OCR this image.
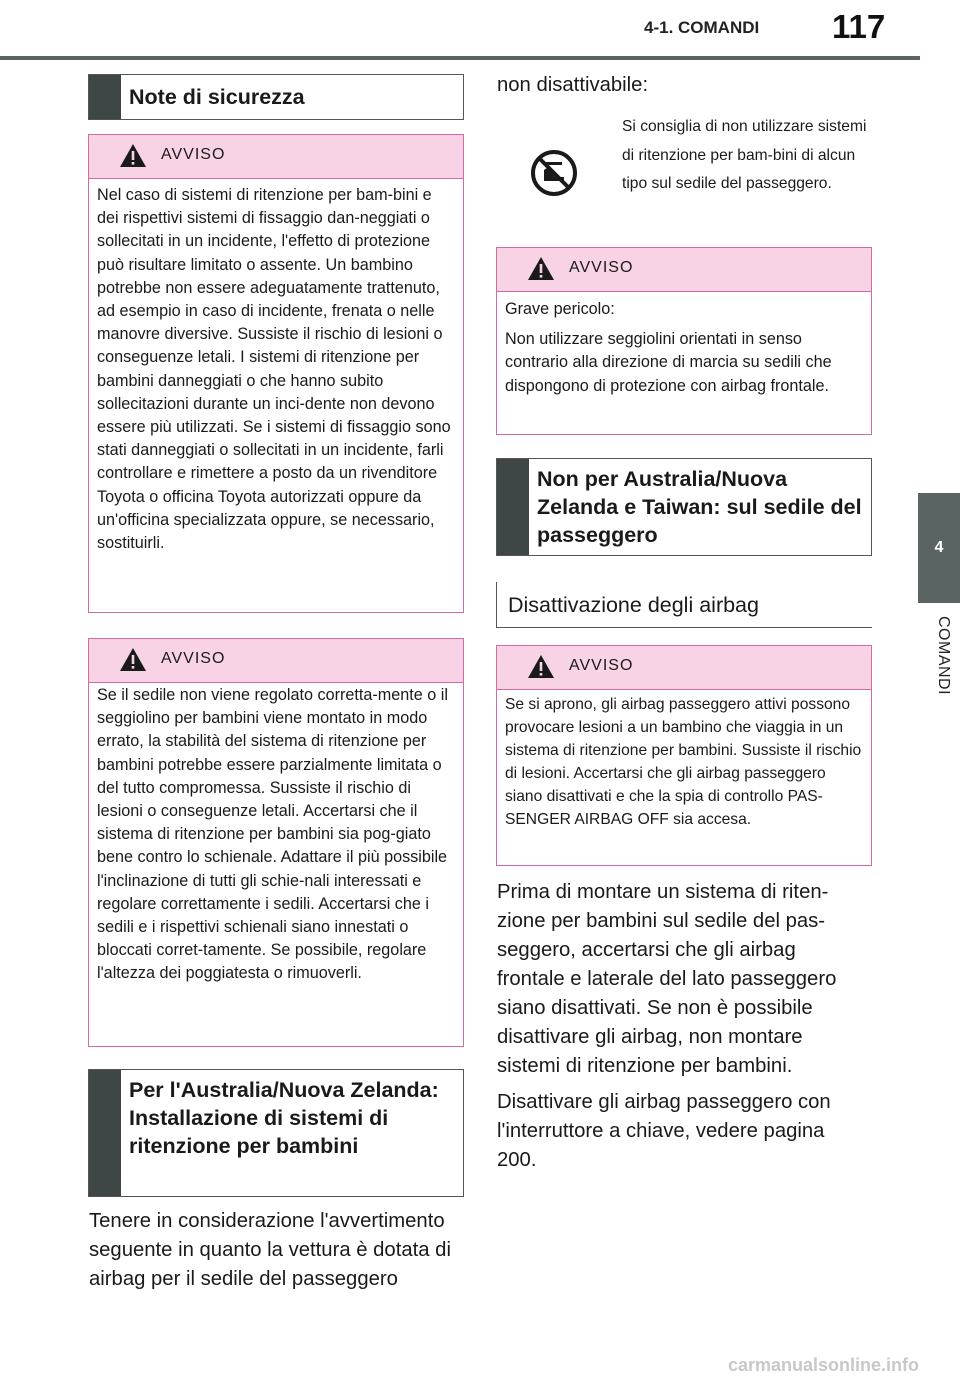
4-1. COMANDI 117
4
COMANDI
Note di sicurezza
AVVISO

Nel caso di sistemi di ritenzione per bam-bini e dei rispettivi sistemi di fissaggio dan-neggiati o sollecitati in un incidente, l'effetto di protezione può risultare limitato o assente. Un bambino potrebbe non essere adeguatamente trattenuto, ad esempio in caso di incidente, frenata o nelle manovre diversive. Sussiste il rischio di lesioni o conseguenze letali. I sistemi di ritenzione per bambini danneggiati o che hanno subito sollecitazioni durante un inci-dente non devono essere più utilizzati. Se i sistemi di fissaggio sono stati danneggiati o sollecitati in un incidente, farli controllare e rimettere a posto da un rivenditore Toyota o officina Toyota autorizzati oppure da un'officina specializzata oppure, se necessario, sostituirli.

AVVISO

Se il sedile non viene regolato corretta-mente o il seggiolino per bambini viene montato in modo errato, la stabilità del sistema di ritenzione per bambini potrebbe essere parzialmente limitata o del tutto compromessa. Sussiste il rischio di lesioni o conseguenze letali. Accertarsi che il sistema di ritenzione per bambini sia pog-giato bene contro lo schienale. Adattare il più possibile l'inclinazione di tutti gli schie-nali interessati e regolare correttamente i sedili. Accertarsi che i sedili e i rispettivi schienali siano innestati o bloccati corret-tamente. Se possibile, regolare l'altezza dei poggiatesta o rimuoverli.

Per l'Australia/Nuova Zelanda: Installazione di sistemi di ritenzione per bambini

Tenere in considerazione l'avvertimento seguente in quanto la vettura è dotata di airbag per il sedile del passeggero

non disattivabile:

Si consiglia di non utilizzare sistemi di ritenzione per bam-bini di alcun tipo sul sedile del passeggero.
AVVISO

Grave pericolo:

Non utilizzare seggiolini orientati in senso contrario alla direzione di marcia su sedili che dispongono di protezione con airbag frontale.

Non per Australia/Nuova Zelanda e Taiwan: sul sedile del passeggero
Disattivazione degli airbag
AVVISO

Se si aprono, gli airbag passeggero attivi possono provocare lesioni a un bambino che viaggia in un sistema di ritenzione per bambini. Sussiste il rischio di lesioni. Accertarsi che gli airbag passeggero siano disattivati e che la spia di controllo PAS-SENGER AIRBAG OFF sia accesa.

Prima di montare un sistema di riten-zione per bambini sul sedile del pas-seggero, accertarsi che gli airbag frontale e laterale del lato passeggero siano disattivati. Se non è possibile disattivare gli airbag, non montare sistemi di ritenzione per bambini.

Disattivare gli airbag passeggero con l'interruttore a chiave, vedere pagina 200.

carmanualsonline.info
